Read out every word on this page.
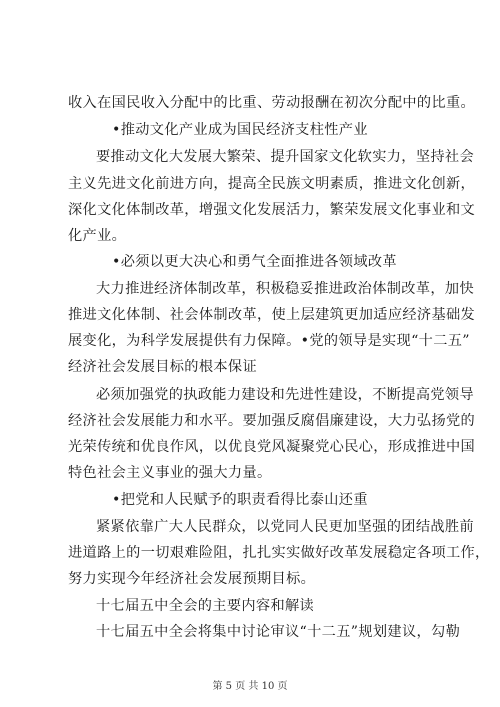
收入在国民收入分配中的比重、劳动报酬在初次分配中的比重。
•推动文化产业成为国民经济支柱性产业
要推动文化大发展大繁荣、提升国家文化软实力，坚持社会
主义先进文化前进方向，提高全民族文明素质，推进文化创新，
深化文化体制改革，增强文化发展活力，繁荣发展文化事业和文
化产业。
•必须以更大决心和勇气全面推进各领域改革
大力推进经济体制改革，积极稳妥推进政治体制改革，加快
推进文化体制、社会体制改革，使上层建筑更加适应经济基础发
展变化，为科学发展提供有力保障。•党的领导是实现“十二五”
经济社会发展目标的根本保证
必须加强党的执政能力建设和先进性建设，不断提高党领导
经济社会发展能力和水平。要加强反腐倡廉建设，大力弘扬党的
光荣传统和优良作风，以优良党风凝聚党心民心，形成推进中国
特色社会主义事业的强大力量。
•把党和人民赋予的职责看得比泰山还重
紧紧依靠广大人民群众，以党同人民更加坚强的团结战胜前
进道路上的一切艰难险阻，扎扎实实做好改革发展稳定各项工作，
努力实现今年经济社会发展预期目标。
十七届五中全会的主要内容和解读
十七届五中全会将集中讨论审议“十二五”规划建议，勾勒
第 5 页 共 10 页
